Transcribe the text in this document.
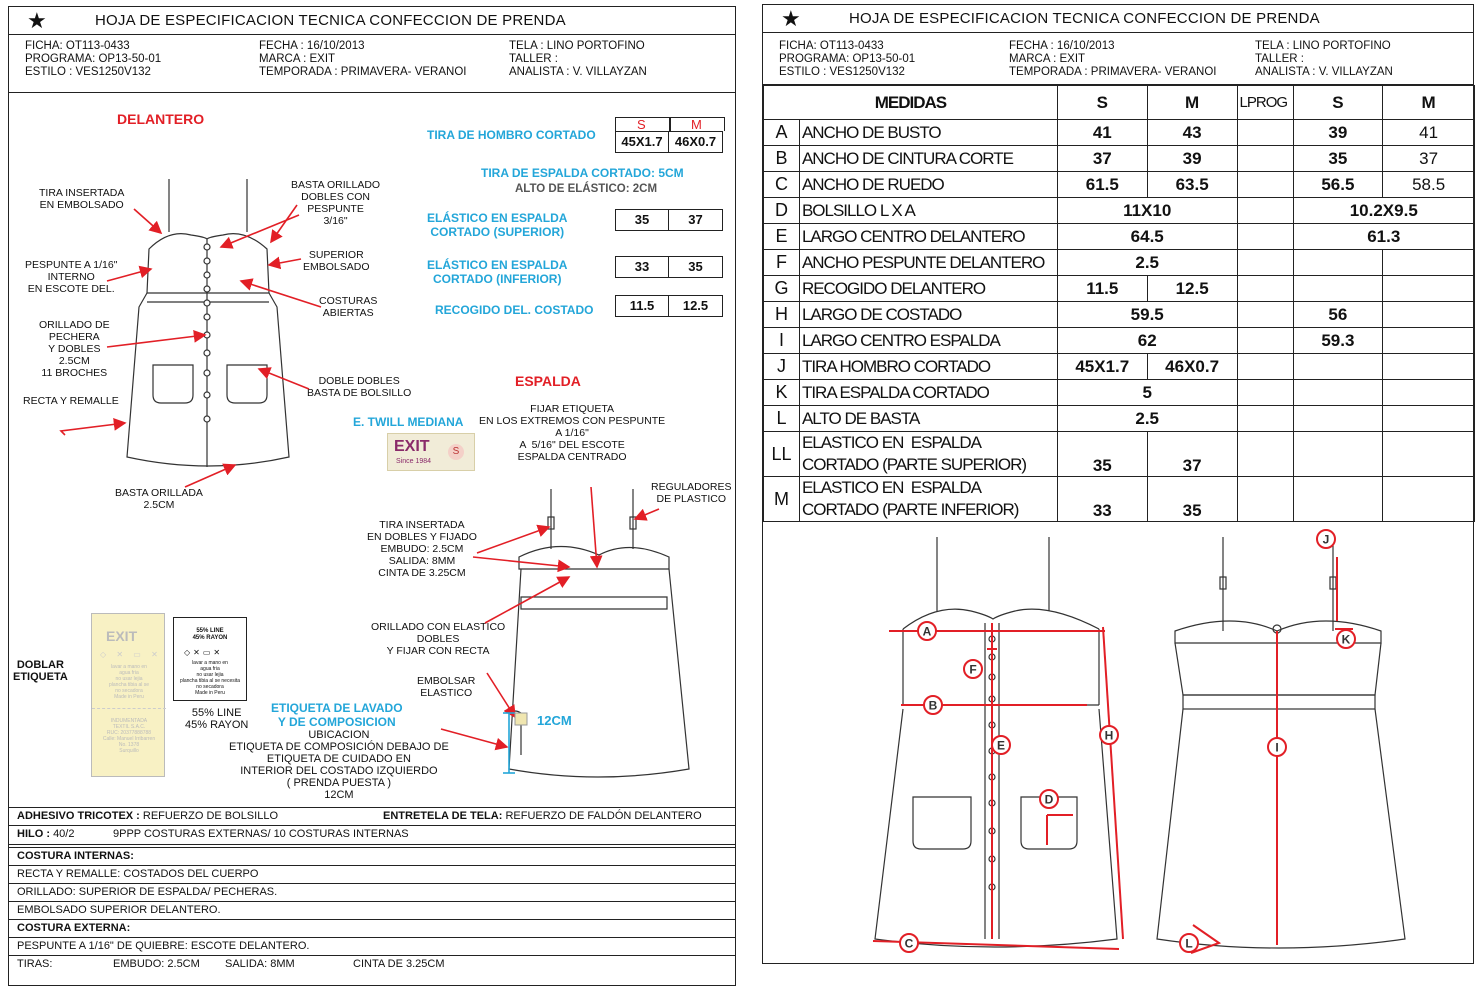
★	HOJA DE ESPECIFICACION TECNICA CONFECCION DE PRENDA
FICHA: OT113-0433
PROGRAMA: OP13-50-01
ESTILO : VES1250V132
FECHA : 16/10/2013
MARCA : EXIT
TEMPORADA : PRIMAVERA- VERANOI
TELA : LINO PORTOFINO
TALLER :
ANALISTA : V. VILLAYZAN
DELANTERO
ESPALDA
S	M
TIRA DE HOMBRO CORTADO	45X1.7 46X0.7
TIRA DE ESPALDA CORTADO: 5CM
ALTO DE ELÁSTICO: 2CM
ELÁSTICO EN ESPALDA
CORTADO (SUPERIOR)
35	37
ELÁSTICO EN ESPALDA
CORTADO (INFERIOR)
33	35
RECOGIDO DEL. COSTADO	11.5	12.5
TIRA INSERTADA
EN EMBOLSADO
BASTA ORILLADO
DOBLES CON
PESPUNTE
3/16"
PESPUNTE A 1/16"
INTERNO
EN ESCOTE DEL.
SUPERIOR
EMBOLSADO
COSTURAS
ABIERTAS
ORILLADO DE
PECHERA
Y DOBLES
2.5CM
11 BROCHES
DOBLE DOBLES
BASTA DE BOLSILLO
RECTA Y REMALLE
BASTA ORILLADA
2.5CM
E. TWILL MEDIANA
FIJAR ETIQUETA
EN LOS EXTREMOS CON PESPUNTE
A 1/16"
A  5/16" DEL ESCOTE
ESPALDA CENTRADO
REGULADORES
DE PLASTICO
TIRA INSERTADA
EN DOBLES Y FIJADO
EMBUDO: 2.5CM
SALIDA: 8MM
CINTA DE 3.25CM
ORILLADO CON ELASTICO
DOBLES
Y FIJAR CON RECTA
EMBOLSAR
ELASTICO
12CM
ETIQUETA DE LAVADO
Y DE COMPOSICION
UBICACION
ETIQUETA DE COMPOSICIÓN DEBAJO DE
ETIQUETA DE CUIDADO EN
INTERIOR DEL COSTADO IZQUIERDO
( PRENDA PUESTA )
12CM
EXIT
Since 1984
S
DOBLAR
ETIQUETA
EXIT
◇ ✕ ▭ ✕
lavar a mano en
agua fria
no usar lejia
plancha tibia al se
no secadora
Made in Peru
INDUMENTADA
TEXTIL S.A.C.
RUC: 20377888788
Calle: Manuel Irribarren
No. 1378
Surquillo
55% LINE
45% RAYON
◇✕▭✕
lavar a mano en
agua fria
no usar lejia
plancha tibia al se necesita
no secadora
Made in Peru
55% LINE
45% RAYON
ADHESIVO TRICOTEX : REFUERZO DE BOLSILLO	ENTRETELA DE TELA: REFUERZO DE FALDÓN DELANTERO
HILO : 40/2	9PPP COSTURAS EXTERNAS/ 10 COSTURAS INTERNAS
COSTURA INTERNAS:
RECTA Y REMALLE: COSTADOS DEL CUERPO
ORILLADO: SUPERIOR DE ESPALDA/ PECHERAS.
EMBOLSADO SUPERIOR DELANTERO.
COSTURA EXTERNA:
PESPUNTE A 1/16" DE QUIEBRE: ESCOTE DELANTERO.
TIRAS:	EMBUDO: 2.5CM SALIDA: 8MM	CINTA DE 3.25CM
★	HOJA DE ESPECIFICACION TECNICA CONFECCION DE PRENDA
FICHA: OT113-0433
PROGRAMA: OP13-50-01
ESTILO : VES1250V132
FECHA : 16/10/2013
MARCA : EXIT
TEMPORADA : PRIMAVERA- VERANOI
TELA : LINO PORTOFINO
TALLER :
ANALISTA : V. VILLAYZAN
MEDIDAS		S	M	LPROG	S	M
A	ANCHO DE BUSTO	41	43		39	41
B	ANCHO DE CINTURA CORTE	37	39		35	37
C	ANCHO DE RUEDO	61.5	63.5		56.5	58.5
D	BOLSILLO L X A	11X10			10.2X9.5	
E	LARGO CENTRO DELANTERO	64.5			61.3	
F	ANCHO PESPUNTE DELANTERO	2.5				
G	RECOGIDO DELANTERO	11.5	12.5			
H	LARGO DE COSTADO	59.5			56	
I	LARGO CENTRO ESPALDA	62			59.3	
J	TIRA HOMBRO CORTADO	45X1.7	46X0.7			
K	TIRA ESPALDA CORTADO	5				
L	ALTO DE BASTA	2.5				
LL	ELASTICO EN  ESPALDA
CORTADO (PARTE SUPERIOR)	35	37			
M	ELASTICO EN  ESPALDA
CORTADO (PARTE INFERIOR)	33	35			
A
B
C
D
E
F
H
I
J
K
L
